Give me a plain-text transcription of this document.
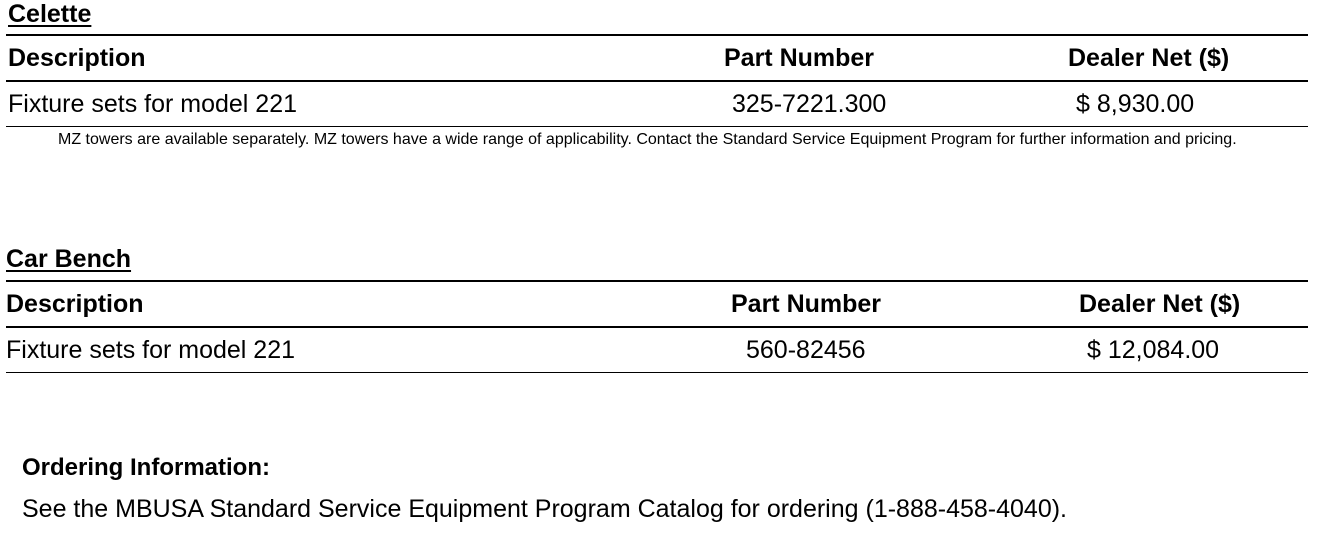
Celette
Description	Part Number	Dealer Net ($)
Fixture sets for model 221	325-7221.300	$ 8,930.00
MZ towers are available separately. MZ towers have a wide range of applicability. Contact the Standard Service Equipment Program for further information and pricing.
Car Bench
Description	Part Number	Dealer Net ($)
Fixture sets for model 221	560-82456	$ 12,084.00
Ordering Information:
See the MBUSA Standard Service Equipment Program Catalog for ordering (1-888-458-4040).
